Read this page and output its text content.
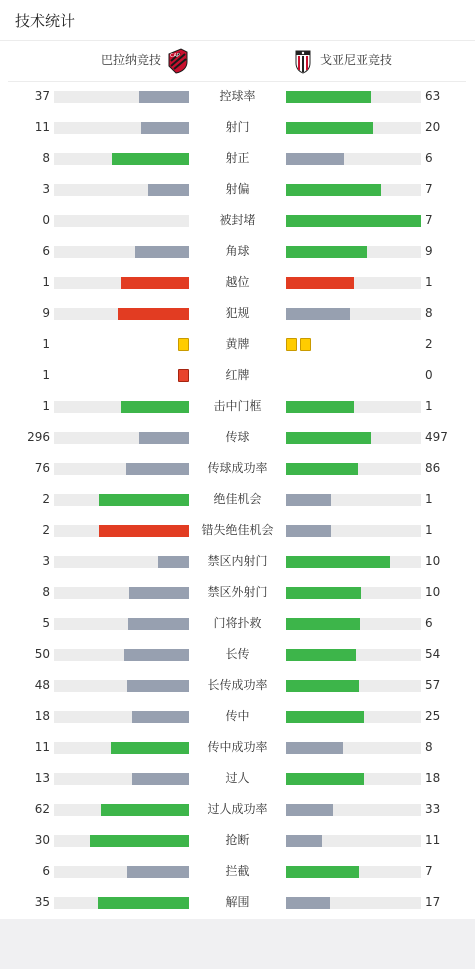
技术统计
巴拉纳竞技 CAP	戈亚尼亚竞技
37	控球率	63
11	射门	20
8	射正	6
3	射偏	7
0	被封堵	7
6	角球	9
1	越位	1
9	犯规	8
1	黄牌	2
1	红牌	0
1	击中门框	1
296	传球	497
76	传球成功率	86
2	绝佳机会	1
2	错失绝佳机会	1
3	禁区内射门	10
8	禁区外射门	10
5	门将扑救	6
50	长传	54
48	长传成功率	57
18	传中	25
11	传中成功率	8
13	过人	18
62	过人成功率	33
30	抢断	11
6	拦截	7
35	解围	17
